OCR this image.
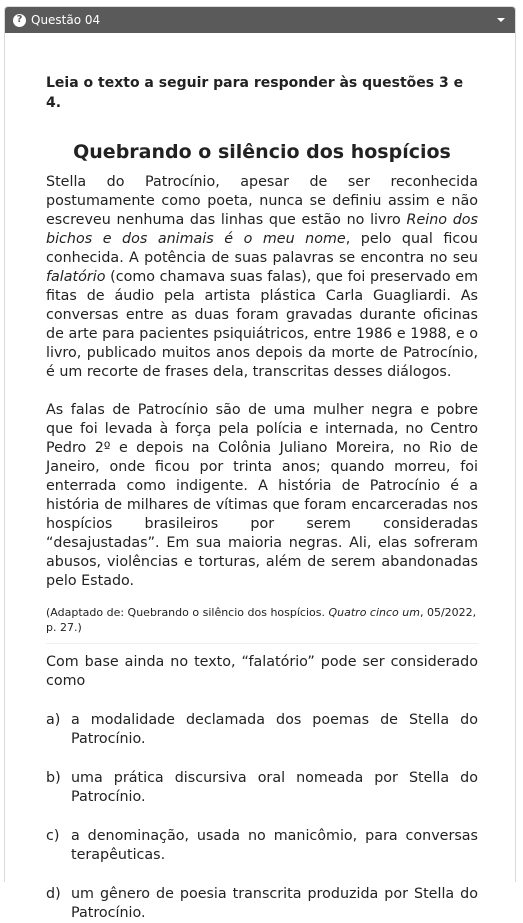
? Questão 04

Leia o texto a seguir para responder às questões 3 e 4.

Quebrando o silêncio dos hospícios

Stella do Patrocínio, apesar de ser reconhecida postumamente como poeta, nunca se definiu assim e não escreveu nenhuma das linhas que estão no livro Reino dos bichos e dos animais é o meu nome, pelo qual ficou conhecida. A potência de suas palavras se encontra no seu falatório (como chamava suas falas), que foi preservado em fitas de áudio pela artista plástica Carla Guagliardi. As conversas entre as duas foram gravadas durante oficinas de arte para pacientes psiquiátricos, entre 1986 e 1988, e o livro, publicado muitos anos depois da morte de Patrocínio, é um recorte de frases dela, transcritas desses diálogos.

As falas de Patrocínio são de uma mulher negra e pobre que foi levada à força pela polícia e internada, no Centro Pedro 2º e depois na Colônia Juliano Moreira, no Rio de Janeiro, onde ficou por trinta anos; quando morreu, foi enterrada como indigente. A história de Patrocínio é a história de milhares de vítimas que foram encarceradas nos hospícios brasileiros por serem consideradas “desajustadas”. Em sua maioria negras. Ali, elas sofreram abusos, violências e torturas, além de serem abandonadas pelo Estado.

(Adaptado de: Quebrando o silêncio dos hospícios. Quatro cinco um, 05/2022, p. 27.)

Com base ainda no texto, “falatório” pode ser considerado como

a) a modalidade declamada dos poemas de Stella do Patrocínio.
b) uma prática discursiva oral nomeada por Stella do Patrocínio.
c) a denominação, usada no manicômio, para conversas terapêuticas.
d) um gênero de poesia transcrita produzida por Stella do Patrocínio.
